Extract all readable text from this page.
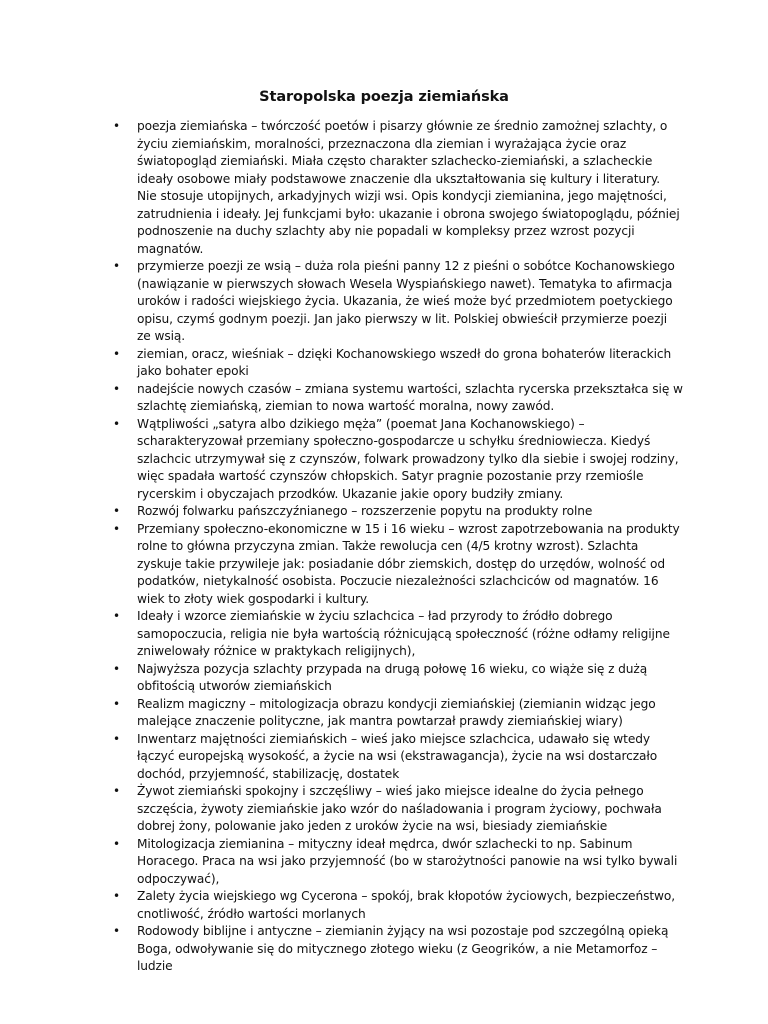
Staropolska poezja ziemiańska
• poezja ziemiańska – twórczość poetów i pisarzy głównie ze średnio zamożnej szlachty, o życiu ziemiańskim, moralności, przeznaczona dla ziemian i wyrażająca życie oraz światopogląd ziemiański. Miała często charakter szlachecko-ziemiański, a szlacheckie ideały osobowe miały podstawowe znaczenie dla ukształtowania się kultury i literatury. Nie stosuje utopijnych, arkadyjnych wizji wsi. Opis kondycji ziemianina, jego majętności, zatrudnienia i ideały. Jej funkcjami było: ukazanie i obrona swojego światopoglądu, później podnoszenie na duchy szlachty aby nie popadali w kompleksy przez wzrost pozycji magnatów.
• przymierze poezji ze wsią – duża rola pieśni panny 12 z pieśni o sobótce Kochanowskiego (nawiązanie w pierwszych słowach Wesela Wyspiańskiego nawet). Tematyka to afirmacja uroków i radości wiejskiego życia. Ukazania, że wieś może być przedmiotem poetyckiego opisu, czymś godnym poezji. Jan jako pierwszy w lit. Polskiej obwieścił przymierze poezji ze wsią.
• ziemian, oracz, wieśniak – dzięki Kochanowskiego wszedł do grona bohaterów literackich jako bohater epoki
• nadejście nowych czasów – zmiana systemu wartości, szlachta rycerska przekształca się w szlachtę ziemiańską, ziemian to nowa wartość moralna, nowy zawód.
• Wątpliwości „satyra albo dzikiego męża” (poemat Jana Kochanowskiego) – scharakteryzował przemiany społeczno-gospodarcze u schyłku średniowiecza. Kiedyś szlachcic utrzymywał się z czynszów, folwark prowadzony tylko dla siebie i swojej rodziny, więc spadała wartość czynszów chłopskich. Satyr pragnie pozostanie przy rzemiośle rycerskim i obyczajach przodków. Ukazanie jakie opory budziły zmiany.
• Rozwój folwarku pańszczyźnianego – rozszerzenie popytu na produkty rolne
• Przemiany społeczno-ekonomiczne w 15 i 16 wieku – wzrost zapotrzebowania na produkty rolne to główna przyczyna zmian. Także rewolucja cen (4/5 krotny wzrost). Szlachta zyskuje takie przywileje jak: posiadanie dóbr ziemskich, dostęp do urzędów, wolność od podatków, nietykalność osobista. Poczucie niezależności szlachciców od magnatów. 16 wiek to złoty wiek gospodarki i kultury.
• Ideały i wzorce ziemiańskie w życiu szlachcica – ład przyrody to źródło dobrego samopoczucia, religia nie była wartością różnicującą społeczność (różne odłamy religijne zniwelowały różnice w praktykach religijnych),
• Najwyższa pozycja szlachty przypada na drugą połowę 16 wieku, co wiąże się z dużą obfitością utworów ziemiańskich
• Realizm magiczny – mitologizacja obrazu kondycji ziemiańskiej (ziemianin widząc jego malejące znaczenie polityczne, jak mantra powtarzał prawdy ziemiańskiej wiary)
• Inwentarz majętności ziemiańskich – wieś jako miejsce szlachcica, udawało się wtedy łączyć europejską wysokość, a życie na wsi (ekstrawagancja), życie na wsi dostarczało dochód, przyjemność, stabilizację, dostatek
• Żywot ziemiański spokojny i szczęśliwy – wieś jako miejsce idealne do życia pełnego szczęścia, żywoty ziemiańskie jako wzór do naśladowania i program życiowy, pochwała dobrej żony, polowanie jako jeden z uroków życie na wsi, biesiady ziemiańskie
• Mitologizacja ziemianina – mityczny ideał mędrca, dwór szlachecki to np. Sabinum Horacego. Praca na wsi jako przyjemność (bo w starożytności panowie na wsi tylko bywali odpoczywać),
• Zalety życia wiejskiego wg Cycerona – spokój, brak kłopotów życiowych, bezpieczeństwo, cnotliwość, źródło wartości morlanych
• Rodowody biblijne i antyczne – ziemianin żyjący na wsi pozostaje pod szczególną opieką Boga, odwoływanie się do mitycznego złotego wieku (z Geogrików, a nie Metamorfoz – ludzie
